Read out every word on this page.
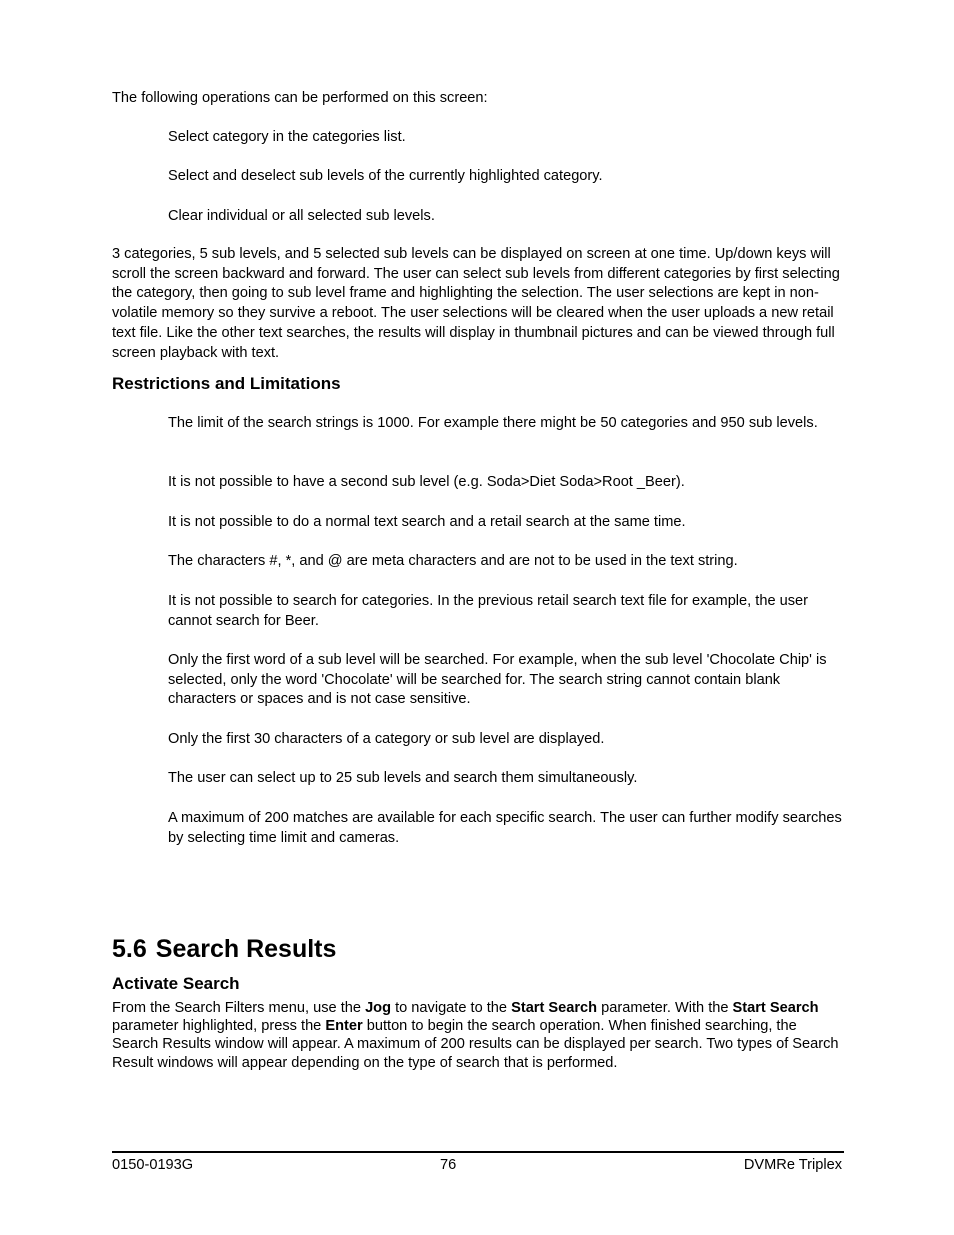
The following operations can be performed on this screen:

Select category in the categories list.

Select and deselect sub levels of the currently highlighted category.

Clear individual or all selected sub levels.

3 categories, 5 sub levels, and 5 selected sub levels can be displayed on screen at one time. Up/down keys will scroll the screen backward and forward. The user can select sub levels from different categories by first selecting the category, then going to sub level frame and highlighting the selection. The user selections are kept in non-volatile memory so they survive a reboot. The user selections will be cleared when the user uploads a new retail text file. Like the other text searches, the results will display in thumbnail pictures and can be viewed through full screen playback with text.

Restrictions and Limitations

The limit of the search strings is 1000. For example there might be 50 categories and 950 sub levels.

It is not possible to have a second sub level (e.g. Soda>Diet Soda>Root _Beer).

It is not possible to do a normal text search and a retail search at the same time.

The characters #, *, and @ are meta characters and are not to be used in the text string.

It is not possible to search for categories. In the previous retail search text file for example, the user cannot search for Beer.

Only the first word of a sub level will be searched. For example, when the sub level 'Chocolate Chip' is selected, only the word 'Chocolate' will be searched for. The search string cannot contain blank characters or spaces and is not case sensitive.

Only the first 30 characters of a category or sub level are displayed.

The user can select up to 25 sub levels and search them simultaneously.

A maximum of 200 matches are available for each specific search. The user can further modify searches by selecting time limit and cameras.

5.6 Search Results
Activate Search

From the Search Filters menu, use the Jog to navigate to the Start Search parameter. With the Start Search parameter highlighted, press the Enter button to begin the search operation. When finished searching, the Search Results window will appear. A maximum of 200 results can be displayed per search. Two types of Search Result windows will appear depending on the type of search that is performed.

0150-0193G	76	DVMRe Triplex
